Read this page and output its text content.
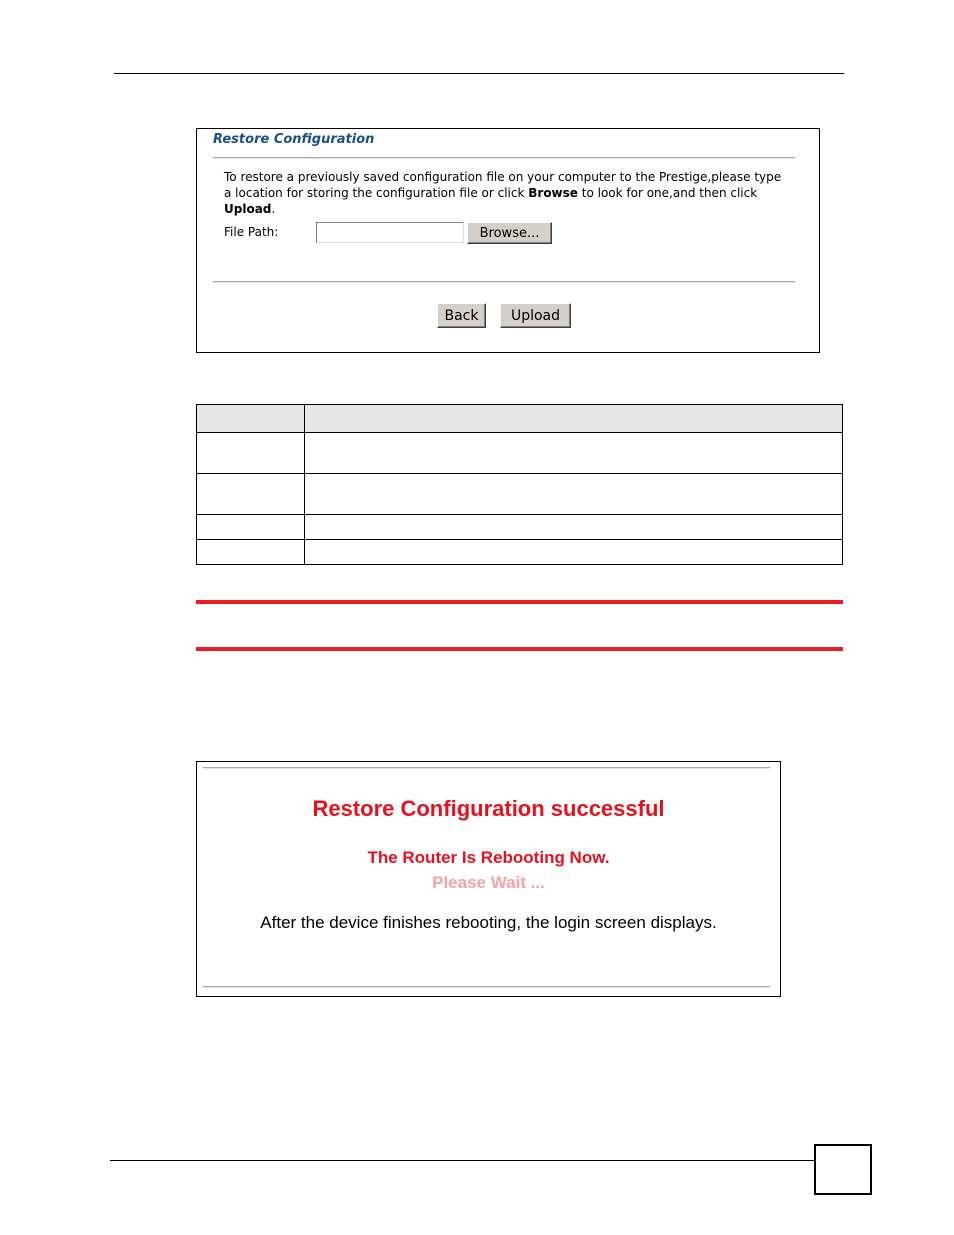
Restore Configuration
To restore a previously saved configuration file on your computer to the Prestige,please type a location for storing the configuration file or click Browse to look for one,and then click Upload.
File Path:	Browse...
Back	Upload

Restore Configuration successful
The Router Is Rebooting Now.
Please Wait ...
After the device finishes rebooting, the login screen displays.
